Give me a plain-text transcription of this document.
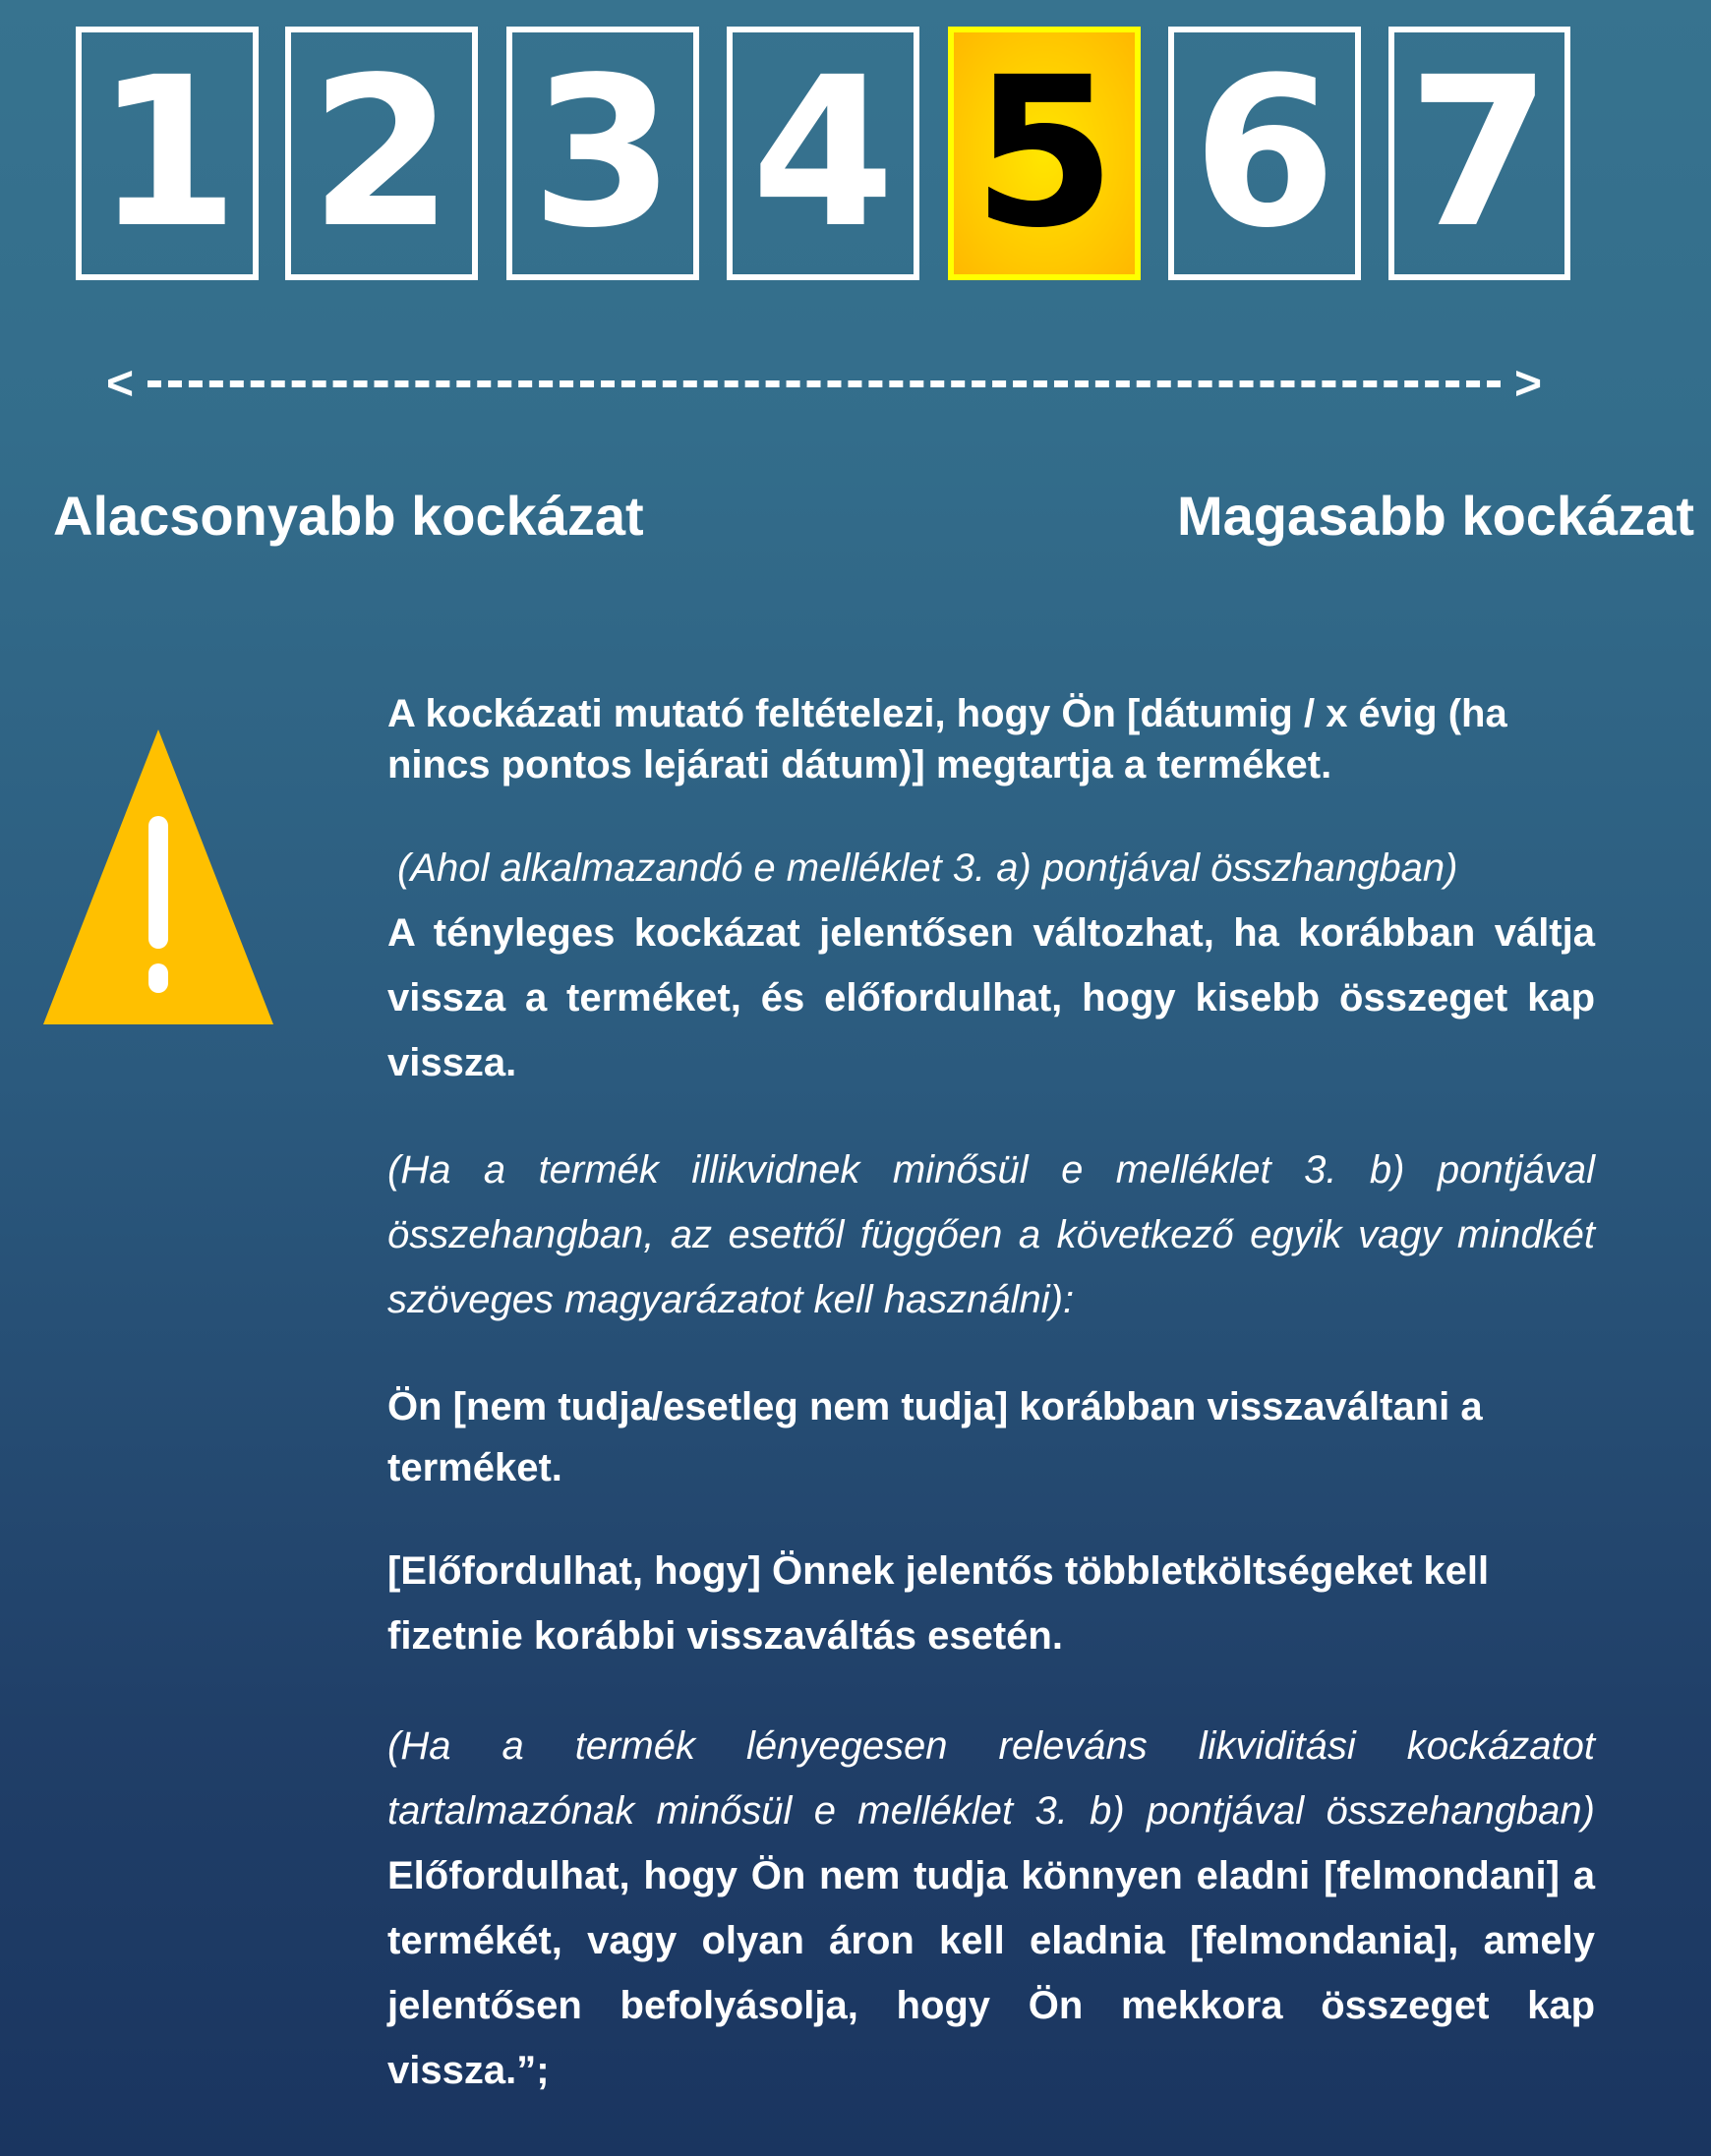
1 2 3 4 5 6 7
<	>
Alacsonyabb kockázat	Magasabb kockázat
A kockázati mutató feltételezi, hogy Ön [dátumig / x évig (ha nincs pontos lejárati dátum)] megtartja a terméket.
(Ahol alkalmazandó e melléklet 3. a) pontjával összhangban)
A tényleges kockázat jelentősen változhat, ha korábban váltja vissza a terméket, és előfordulhat, hogy kisebb összeget kap vissza.
(Ha a termék illikvidnek minősül e melléklet 3. b) pontjával összehangban, az esettől függően a következő egyik vagy mindkét szöveges magyarázatot kell használni):
Ön [nem tudja/esetleg nem tudja] korábban visszaváltani a terméket.
[Előfordulhat, hogy] Önnek jelentős többletköltségeket kell fizetnie korábbi visszaváltás esetén.
(Ha a termék lényegesen releváns likviditási kockázatot tartalmazónak minősül e melléklet 3. b) pontjával összehangban) Előfordulhat, hogy Ön nem tudja könnyen eladni [felmondani] a termékét, vagy olyan áron kell eladnia [felmondania], amely jelentősen befolyásolja, hogy Ön mekkora összeget kap vissza.”;
